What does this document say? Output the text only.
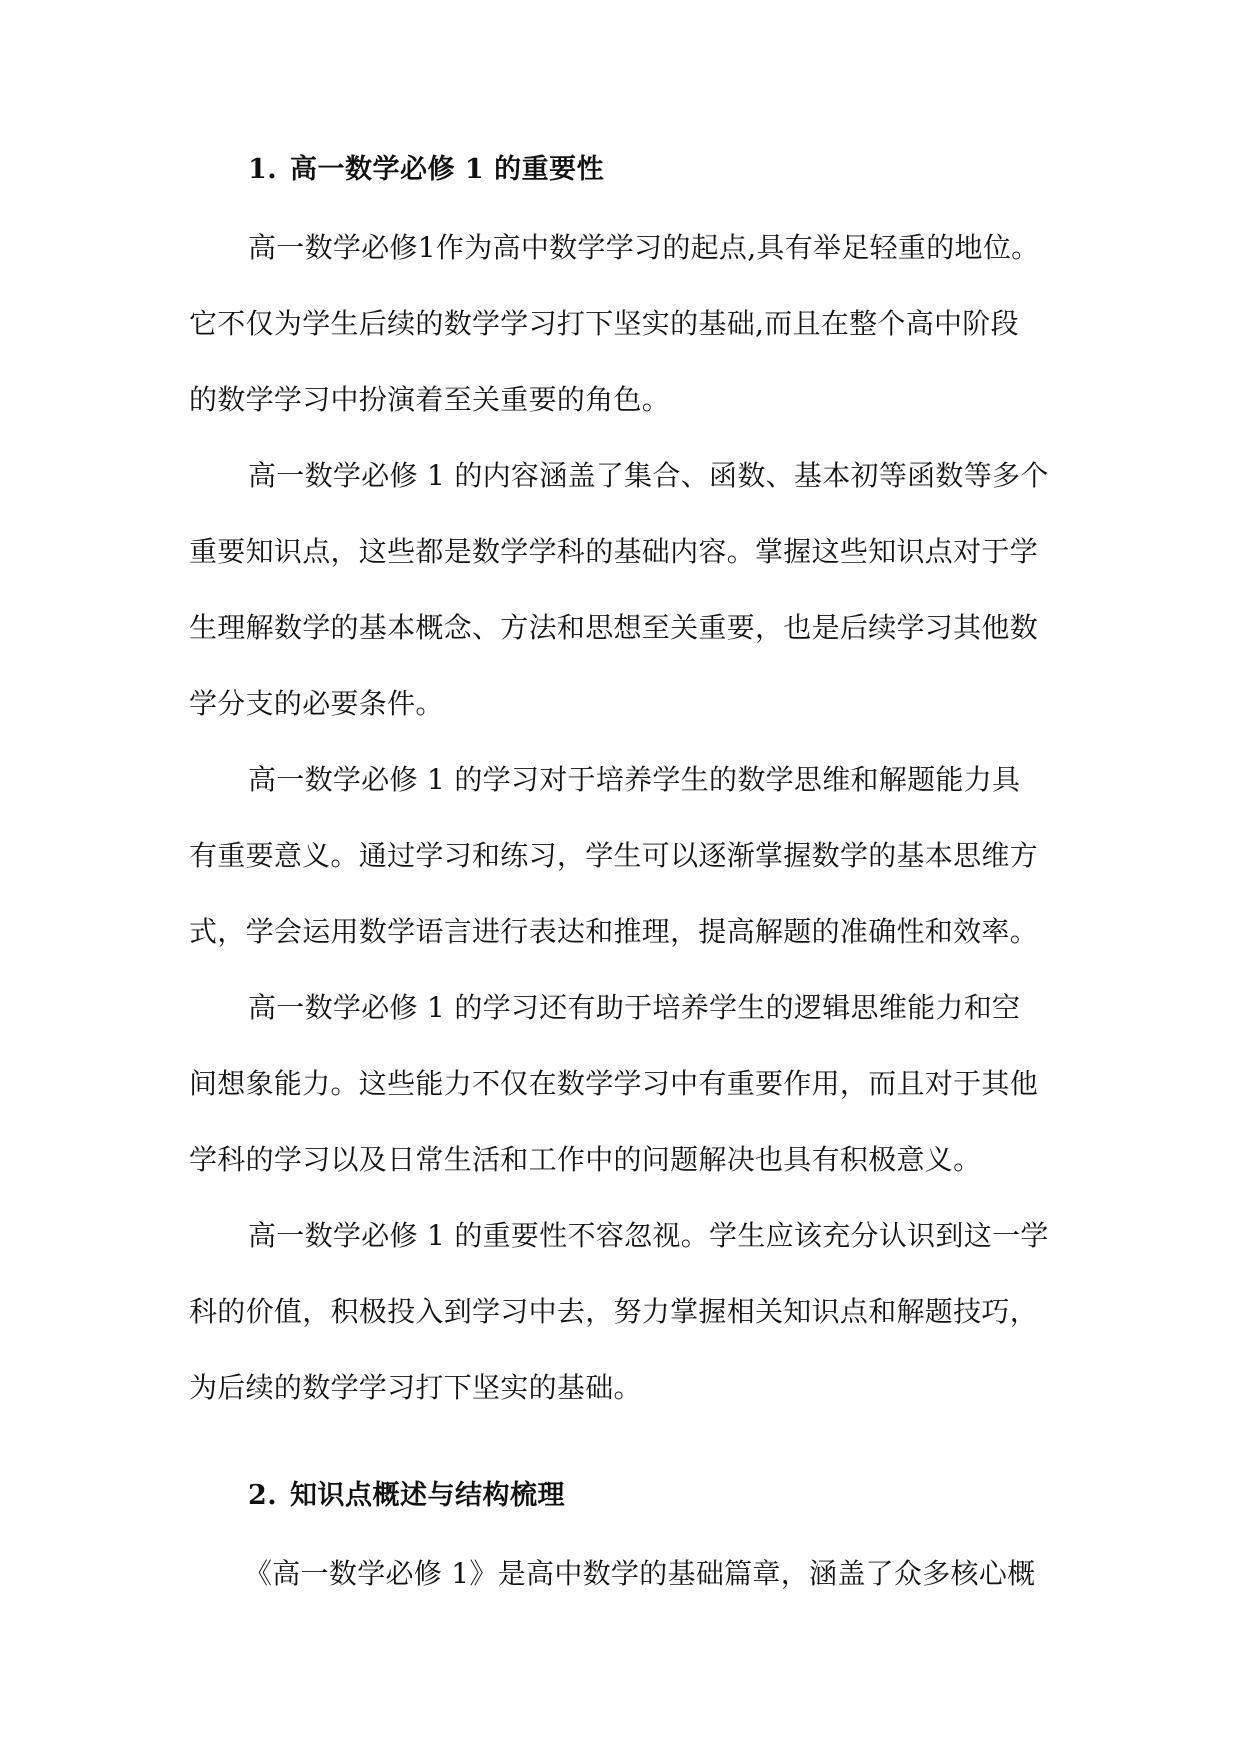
1. 高一数学必修 1 的重要性
高一数学必修1作为高中数学学习的起点,具有举足轻重的地位。
它不仅为学生后续的数学学习打下坚实的基础,而且在整个高中阶段
的数学学习中扮演着至关重要的角色。
高一数学必修 1 的内容涵盖了集合、函数、基本初等函数等多个
重要知识点，这些都是数学学科的基础内容。掌握这些知识点对于学
生理解数学的基本概念、方法和思想至关重要，也是后续学习其他数
学分支的必要条件。
高一数学必修 1 的学习对于培养学生的数学思维和解题能力具
有重要意义。通过学习和练习，学生可以逐渐掌握数学的基本思维方
式，学会运用数学语言进行表达和推理，提高解题的准确性和效率。
高一数学必修 1 的学习还有助于培养学生的逻辑思维能力和空
间想象能力。这些能力不仅在数学学习中有重要作用，而且对于其他
学科的学习以及日常生活和工作中的问题解决也具有积极意义。
高一数学必修 1 的重要性不容忽视。学生应该充分认识到这一学
科的价值，积极投入到学习中去，努力掌握相关知识点和解题技巧，
为后续的数学学习打下坚实的基础。
2. 知识点概述与结构梳理
《高一数学必修 1》是高中数学的基础篇章，涵盖了众多核心概
